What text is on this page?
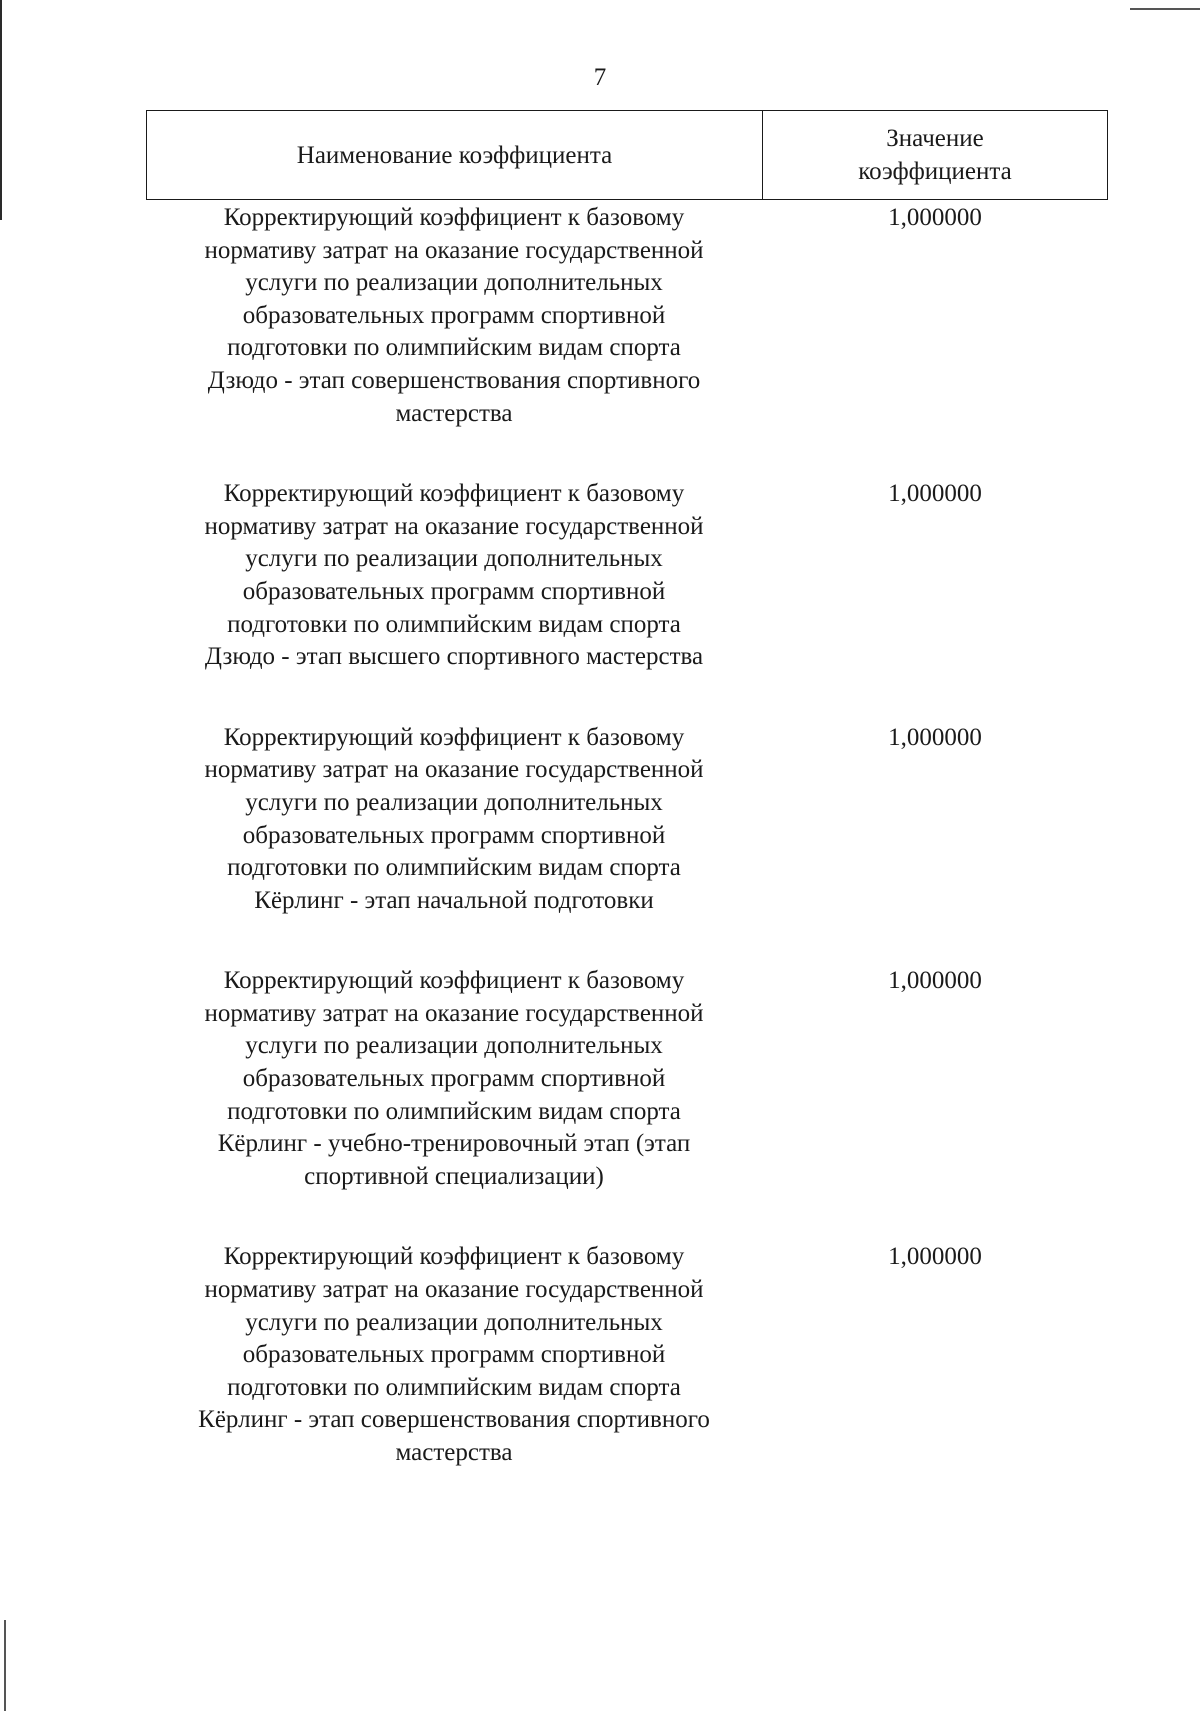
7
Наименование коэффициента
Значение
коэффициента
Корректирующий коэффициент к базовому
нормативу затрат на оказание государственной
услуги по реализации дополнительных
образовательных программ спортивной
подготовки по олимпийским видам спорта
Дзюдо - этап совершенствования спортивного
мастерства
1,000000
Корректирующий коэффициент к базовому
нормативу затрат на оказание государственной
услуги по реализации дополнительных
образовательных программ спортивной
подготовки по олимпийским видам спорта
Дзюдо - этап высшего спортивного мастерства
1,000000
Корректирующий коэффициент к базовому
нормативу затрат на оказание государственной
услуги по реализации дополнительных
образовательных программ спортивной
подготовки по олимпийским видам спорта
Кёрлинг - этап начальной подготовки
1,000000
Корректирующий коэффициент к базовому
нормативу затрат на оказание государственной
услуги по реализации дополнительных
образовательных программ спортивной
подготовки по олимпийским видам спорта
Кёрлинг - учебно-тренировочный этап (этап
спортивной специализации)
1,000000
Корректирующий коэффициент к базовому
нормативу затрат на оказание государственной
услуги по реализации дополнительных
образовательных программ спортивной
подготовки по олимпийским видам спорта
Кёрлинг - этап совершенствования спортивного
мастерства
1,000000
